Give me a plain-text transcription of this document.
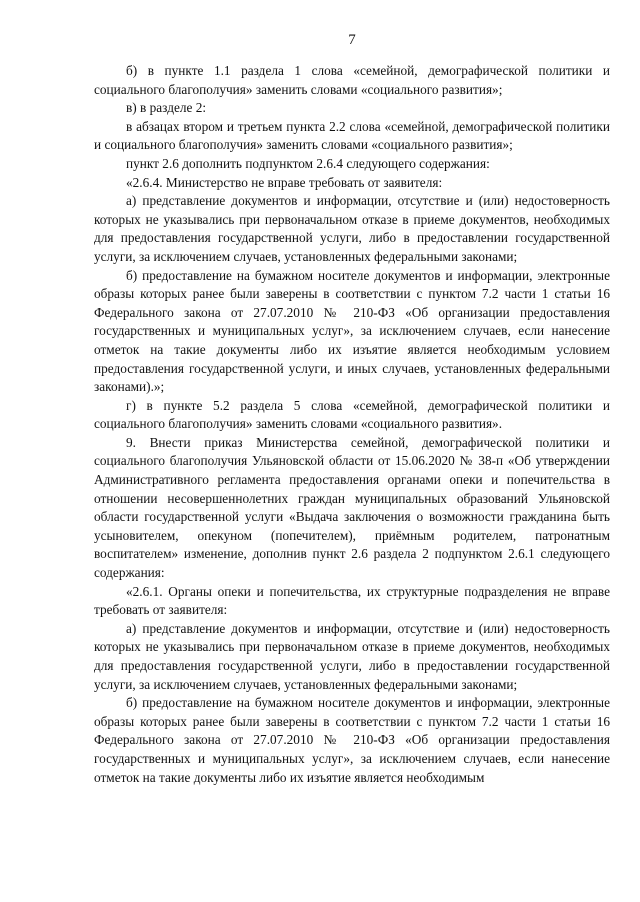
7

б) в пункте 1.1 раздела 1 слова «семейной, демографической политики и социального благополучия» заменить словами «социального развития»;

в) в разделе 2:

в абзацах втором и третьем пункта 2.2 слова «семейной, демографической политики и социального благополучия» заменить словами «социального развития»;

пункт 2.6 дополнить подпунктом 2.6.4 следующего содержания:

«2.6.4. Министерство не вправе требовать от заявителя:

а) представление документов и информации, отсутствие и (или) недостоверность которых не указывались при первоначальном отказе в приеме документов, необходимых для предоставления государственной услуги, либо в предоставлении государственной услуги, за исключением случаев, установленных федеральными законами;

б) предоставление на бумажном носителе документов и информации, электронные образы которых ранее были заверены в соответствии с пунктом 7.2 части 1 статьи 16 Федерального закона от 27.07.2010 № 210-ФЗ «Об организации предоставления государственных и муниципальных услуг», за исключением случаев, если нанесение отметок на такие документы либо их изъятие является необходимым условием предоставления государственной услуги, и иных случаев, установленных федеральными законами).»;

г) в пункте 5.2 раздела 5 слова «семейной, демографической политики и социального благополучия» заменить словами «социального развития».

9. Внести приказ Министерства семейной, демографической политики и социального благополучия Ульяновской области от 15.06.2020 № 38-п «Об утверждении Административного регламента предоставления органами опеки и попечительства в отношении несовершеннолетних граждан муниципальных образований Ульяновской области государственной услуги «Выдача заключения о возможности гражданина быть усыновителем, опекуном (попечителем), приёмным родителем, патронатным воспитателем» изменение, дополнив пункт 2.6 раздела 2 подпунктом 2.6.1 следующего содержания:

«2.6.1. Органы опеки и попечительства, их структурные подразделения не вправе требовать от заявителя:

а) представление документов и информации, отсутствие и (или) недостоверность которых не указывались при первоначальном отказе в приеме документов, необходимых для предоставления государственной услуги, либо в предоставлении государственной услуги, за исключением случаев, установленных федеральными законами;

б) предоставление на бумажном носителе документов и информации, электронные образы которых ранее были заверены в соответствии с пунктом 7.2 части 1 статьи 16 Федерального закона от 27.07.2010 № 210-ФЗ «Об организации предоставления государственных и муниципальных услуг», за исключением случаев, если нанесение отметок на такие документы либо их изъятие является необходимым
